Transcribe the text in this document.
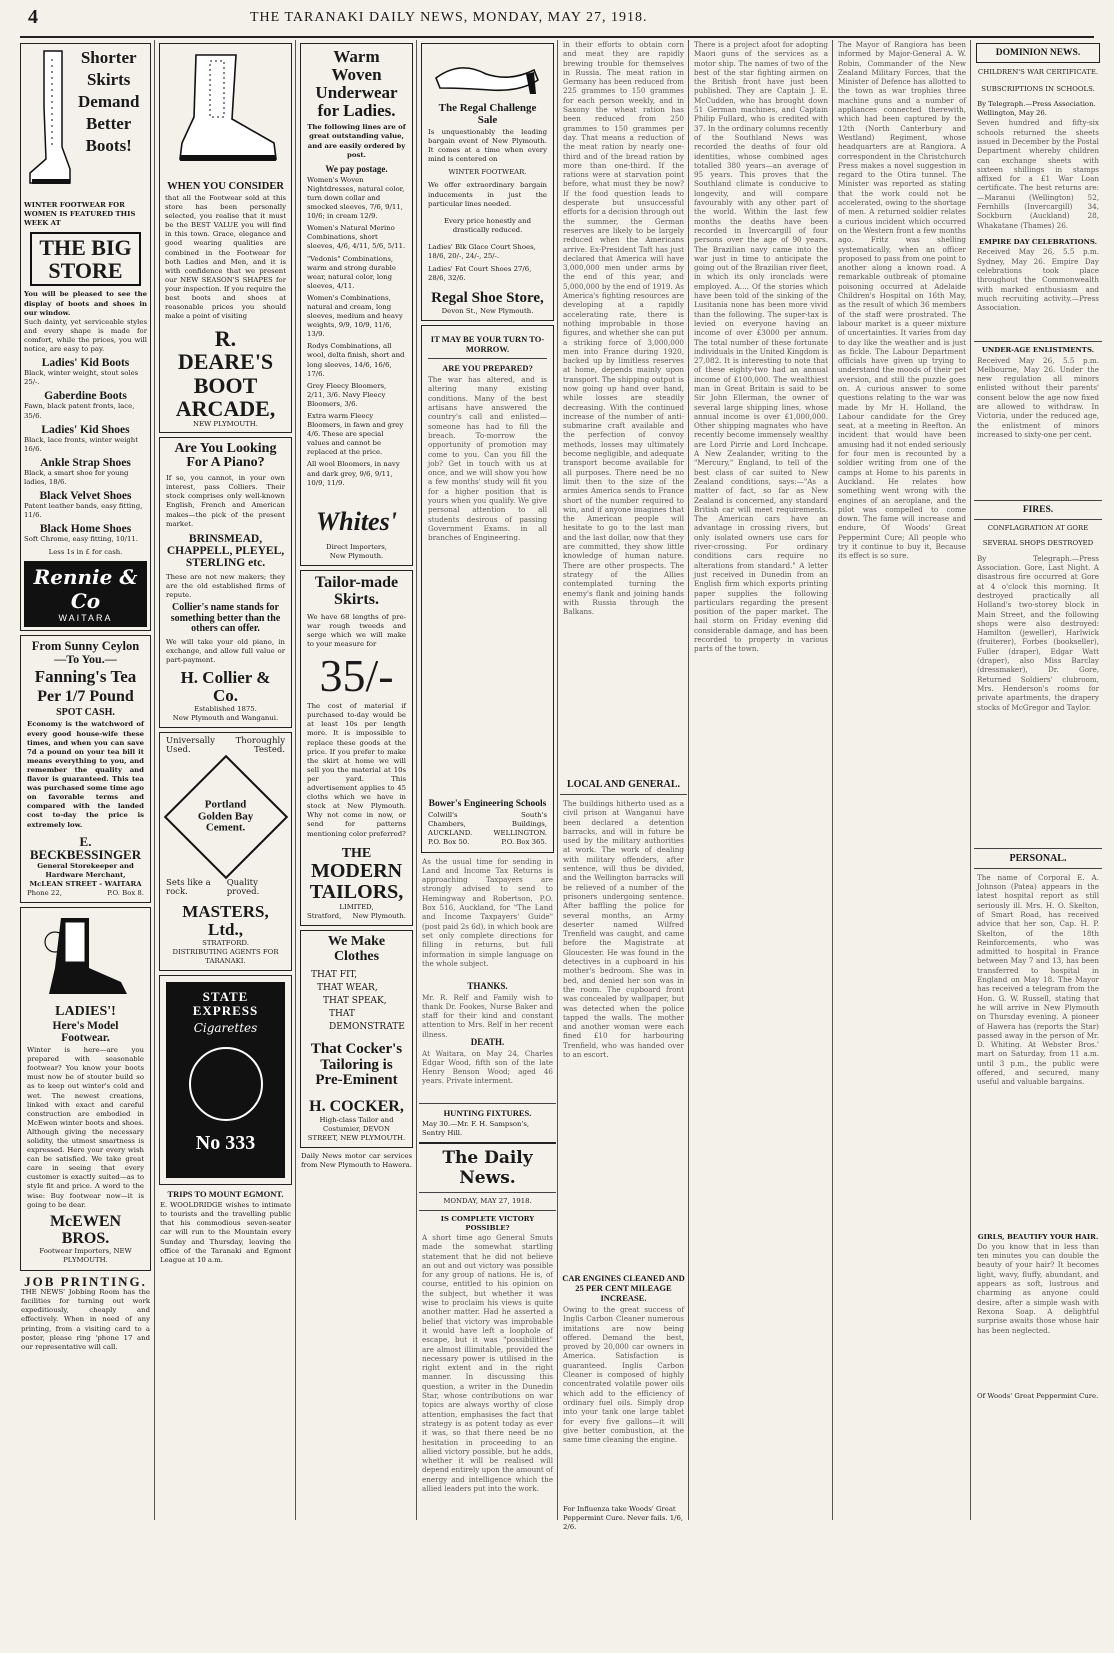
4	THE TARANAKI DAILY NEWS, MONDAY, MAY 27, 1918.
Shorter
Skirts
Demand
Better
Boots!
WINTER FOOTWEAR FOR WOMEN IS FEATURED THIS WEEK AT
THE BIG STORE
You will be pleased to see the display of boots and shoes in our window.
Such dainty, yet serviceable styles and every shape is made for comfort, while the prices, you will notice, are easy to pay.
Ladies' Kid Boots
Black, winter weight, stout soles 25/-.
Gaberdine Boots
Fawn, black patent fronts, lace, 35/6.
Ladies' Kid Shoes
Black, lace fronts, winter weight 16/6.
Ankle Strap Shoes
Black, a smart shoe for young ladies, 18/6.
Black Velvet Shoes
Patent leather bands, easy fitting, 11/6.
Black Home Shoes
Soft Chrome, easy fitting, 10/11.
Less 1s in £ for cash.
Rennie & Co
WAITARA
From Sunny Ceylon
—To You.—
Fanning's Tea
Per 1/7 Pound
SPOT CASH.
Economy is the watchword of every good house-wife these times, and when you can save 7d a pound on your tea bill it means everything to you, and remember the quality and flavor is guaranteed. This tea was purchased some time ago on favorable terms and compared with the landed cost to-day the price is extremely low.
E. BECKBESSINGER
General Storekeeper and Hardware Merchant,
McLEAN STREET - WAITARA
Phone 22,	P.O. Box 8.
LADIES'!
Here's Model Footwear.
Winter is here—are you prepared with seasonable footwear? You know your boots must now be of stouter build so as to keep out winter's cold and wet. The newest creations, linked with exact and careful construction are embodied in McEwen winter boots and shoes. Although giving the necessary solidity, the utmost smartness is expressed. Here your every wish can be satisfied. We take great care in seeing that every customer is exactly suited—as to style fit and price. A word to the wise: Buy footwear now—it is going to be dear.
McEWEN BROS.
Footwear Importers, NEW PLYMOUTH.
JOB PRINTING.
THE NEWS' Jobbing Room has the facilities for turning out work expeditiously, cheaply and effectively. When in need of any printing, from a visiting card to a poster, please ring 'phone 17 and our representative will call.
WHEN YOU CONSIDER
that all the Footwear sold at this store has been personally selected, you realise that it must be the BEST VALUE you will find in this town. Grace, elegance and good wearing qualities are combined in the Footwear for both Ladies and Men, and it is with confidence that we present our NEW SEASON'S SHAPES for your inspection. If you require the best boots and shoes at reasonable prices you should make a point of visiting
R. DEARE'S
BOOT
ARCADE,
NEW PLYMOUTH.
Are You Looking
For A Piano?
If so, you cannot, in your own interest, pass Colliers. Their stock comprises only well-known English, French and American makes—the pick of the present market.
BRINSMEAD, CHAPPELL, PLEYEL, STERLING etc.
These are not new makers; they are the old established firms of repute.
Collier's name stands for something better than the others can offer.
We will take your old piano, in exchange, and allow full value or part-payment.
H. Collier & Co.
Established 1875.
New Plymouth and Wanganui.
Universally Thoroughly
Used.	Tested.
Portland
Golden Bay
Cement.
Sets like a rock.
Quality proved.
MASTERS, Ltd.,
STRATFORD.
DISTRIBUTING AGENTS FOR TARANAKI.
STATE EXPRESS
Cigarettes
No 333
TRIPS TO MOUNT EGMONT.
E. WOOLDRIDGE wishes to intimate to tourists and the travelling public that his commodious seven-seater car will run to the Mountain every Sunday and Thursday, leaving the office of the Taranaki and Egmont League at 10 a.m.
Warm Woven
Underwear
for Ladies.
The following lines are of great outstanding value, and are easily ordered by post.
We pay postage.
Women's Woven Nightdresses, natural color, turn down collar and smocked sleeves, 7/6, 9/11, 10/6; in cream 12/9.
Women's Natural Merino Combinations, short sleeves, 4/6, 4/11, 5/6, 5/11.
"Vedonis" Combinations, warm and strong durable wear, natural color, long sleeves, 4/11.
Women's Combinations, natural and cream, long sleeves, medium and heavy weights, 9/9, 10/9, 11/6, 13/9.
Rodys Combinations, all wool, delta finish, short and long sleeves, 14/6, 16/6, 17/6.
Grey Fleecy Bloomers, 2/11, 3/6. Navy Fleecy Bloomers, 3/6.
Extra warm Fleecy Bloomers, in fawn and grey 4/6. These are special values and cannot be replaced at the price.
All wool Bloomers, in navy and dark grey, 9/6, 9/11, 10/9, 11/9.
Whites'
Direct Importers,
New Plymouth.
Tailor-made
Skirts.
We have 68 lengths of pre-war rough tweeds and serge which we will make to your measure for
35/-
The cost of material if purchased to-day would be at least 10s per length more. It is impossible to replace these goods at the price. If you prefer to make the skirt at home we will sell you the material at 10s per yard. This advertisement applies to 45 cloths which we have in stock at New Plymouth. Why not come in now, or send for patterns mentioning color preferred?
THE
MODERN
TAILORS,
LIMITED,
Stratford, New Plymouth.
We Make Clothes
THAT FIT,
THAT WEAR,
THAT SPEAK,
THAT DEMONSTRATE
That Cocker's
Tailoring is
Pre-Eminent
H. COCKER,
High-class Tailor and Costumier, DEVON STREET, NEW PLYMOUTH.
Daily News motor car services from New Plymouth to Hawera.
The Regal Challenge Sale
Is unquestionably the leading bargain event of New Plymouth. It comes at a time when every mind is centered on
WINTER FOOTWEAR.
We offer extraordinary bargain inducements in just the particular lines needed.
Every price honestly and drastically reduced.
Ladies' Blk Glace Court Shoes, 18/6, 20/-, 24/-, 25/-.
Ladies' Fat Court Shoes 27/6, 28/6, 32/6.
Regal Shoe Store,
Devon St., New Plymouth.
IT MAY BE YOUR TURN TO-MORROW.
ARE YOU PREPARED?
The war has altered, and is altering many existing conditions. Many of the best artisans have answered the country's call and enlisted—someone has had to fill the breach. To-morrow the opportunity of promotion may come to you. Can you fill the job? Get in touch with us at once, and we will show you how a few months' study will fit you for a higher position that is yours when you qualify. We give personal attention to all students desirous of passing Government Exams. in all branches of Engineering.
Bower's Engineering Schools
Colwill's Chambers, AUCKLAND. P.O. Box 50.
South's Buildings, WELLINGTON. P.O. Box 365.
As the usual time for sending in Land and Income Tax Returns is approaching Taxpayers are strongly advised to send to Hemingway and Robertson, P.O. Box 516, Auckland, for "The Land and Income Taxpayers' Guide" (post paid 2s 6d), in which book are set only complete directions for filling in returns, but full information in simple language on the whole subject.
THANKS.
Mr. R. Relf and Family wish to thank Dr. Fookes, Nurse Baker and staff for their kind and constant attention to Mrs. Relf in her recent illness.
DEATH.
At Waitara, on May 24, Charles Edgar Wood, fifth son of the late Henry Benson Wood; aged 46 years. Private interment.
HUNTING FIXTURES.
May 30.—Mr. F. H. Sampson's, Sentry Hill.
The Daily News.
MONDAY, MAY 27, 1918.
IS COMPLETE VICTORY POSSIBLE?
A short time ago General Smuts made the somewhat startling statement that he did not believe an out and out victory was possible for any group of nations. He is, of course, entitled to his opinion on the subject, but whether it was wise to proclaim his views is quite another matter. Had he asserted a belief that victory was improbable it would have left a loophole of escape, but it was "possibilities" are almost illimitable, provided the necessary power is utilised in the right extent and in the right manner. In discussing this question, a writer in the Dunedin Star, whose contributions on war topics are always worthy of close attention, emphasises the fact that strategy is as potent today as ever it was, so that there need be no hesitation in proceeding to an allied victory possible, but he adds, whether it will be realised will depend entirely upon the amount of energy and intelligence which the allied leaders put into the work.
in their efforts to obtain corn and meat they are rapidly brewing trouble for themselves in Russia. The meat ration in Germany has been reduced from 225 grammes to 150 grammes for each person weekly, and in Saxony the wheat ration has been reduced from 250 grammes to 150 grammes per day. That means a reduction of the meat ration by nearly one-third and of the bread ration by more than one-third. If the rations were at starvation point before, what must they be now? If the food question leads to desperate but unsuccessful efforts for a decision through out the summer, the German reserves are likely to be largely reduced when the Americans arrive. Ex-President Taft has just declared that America will have 3,000,000 men under arms by the end of this year, and 5,000,000 by the end of 1919. As America's fighting resources are developing at a rapidly accelerating rate, there is nothing improbable in those figures, and whether she can put a striking force of 3,000,000 men into France during 1920, backed up by limitless reserves at home, depends mainly upon transport. The shipping output is now going up hand over hand, while losses are steadily decreasing. With the continued increase of the number of anti-submarine craft available and the perfection of convoy methods, losses may ultimately become negligible, and adequate transport become available for all purposes. There need be no limit then to the size of the armies America sends to France short of the number required to win, and if anyone imagines that the American people will hesitate to go to the last man and the last dollar, now that they are committed, they show little knowledge of human nature. There are other prospects. The strategy of the Allies contemplated turning the enemy's flank and joining hands with Russia through the Balkans.
LOCAL AND GENERAL.
The buildings hitherto used as a civil prison at Wanganui have been declared a detention barracks, and will in future be used by the military authorities at work. The work of dealing with military offenders, after sentence, will thus be divided, and the Wellington barracks will be relieved of a number of the prisoners undergoing sentence. After baffling the police for several months, an Army deserter named Wilfred Trenfield was caught, and came before the Magistrate at Gloucester. He was found in the detectives in a cupboard in his mother's bedroom. She was in bed, and denied her son was in the room. The cupboard front was concealed by wallpaper, but was detected when the police tapped the walls. The mother and another woman were each fined £10 for harbouring Trenfield, who was handed over to an escort.
CAR ENGINES CLEANED AND 25 PER CENT MILEAGE INCREASE.
Owing to the great success of Inglis Carbon Cleaner numerous imitations are now being offered. Demand the best, proved by 20,000 car owners in America. Satisfaction is guaranteed. Inglis Carbon Cleaner is composed of highly concentrated volatile power oils which add to the efficiency of ordinary fuel oils. Simply drop into your tank one large tablet for every five gallons—it will give better combustion, at the same time cleaning the engine.
For Influenza take Woods' Great Peppermint Cure. Never fails. 1/6, 2/6.
There is a project afoot for adopting Maori guns of the services as a motor ship. The names of two of the best of the star fighting airmen on the British front have just been published. They are Captain J. E. McCudden, who has brought down 51 German machines, and Captain Philip Fullard, who is credited with 37. In the ordinary columns recently of the Southland News was recorded the deaths of four old identities, whose combined ages totalled 380 years—an average of 95 years. This proves that the Southland climate is conducive to longevity, and will compare favourably with any other part of the world. Within the last few months the deaths have been recorded in Invercargill of four persons over the age of 90 years. The Brazilian navy came into the war just in time to anticipate the going out of the Brazilian river fleet, in which its only ironclads were employed. A.... Of the stories which have been told of the sinking of the Lusitania none has been more vivid than the following. The super-tax is levied on everyone having an income of over £3000 per annum. The total number of these fortunate individuals in the United Kingdom is 27,082. It is interesting to note that of these eighty-two had an annual income of £100,000. The wealthiest man in Great Britain is said to be Sir John Ellerman, the owner of several large shipping lines, whose annual income is over £1,000,000. Other shipping magnates who have recently become immensely wealthy are Lord Pirrie and Lord Inchcape. A New Zealander, writing to the "Mercury," England, to tell of the best class of car suited to New Zealand conditions, says:—"As a matter of fact, so far as New Zealand is concerned, any standard British car will meet requirements. The American cars have an advantage in crossing rivers, but only isolated owners use cars for river-crossing. For ordinary conditions cars require no alterations from standard." A letter just received in Dunedin from an English firm which exports printing paper supplies the following particulars regarding the present position of the paper market. The hail storm on Friday evening did considerable damage, and has been recorded to property in various parts of the town.
The Mayor of Rangiora has been informed by Major-General A. W. Robin, Commander of the New Zealand Military Forces, that the Minister of Defence has allotted to the town as war trophies three machine guns and a number of appliances connected therewith, which had been captured by the 12th (North Canterbury and Westland) Regiment, whose headquarters are at Rangiora. A correspondent in the Christchurch Press makes a novel suggestion in regard to the Otira tunnel. The Minister was reported as stating that the work could not be accelerated, owing to the shortage of men. A returned soldier relates a curious incident which occurred on the Western front a few months ago. Fritz was shelling systematically, when an officer proposed to pass from one point to another along a known road. A remarkable outbreak of ptomaine poisoning occurred at Adelaide Children's Hospital on 16th May, as the result of which 36 members of the staff were prostrated. The labour market is a queer mixture of uncertainties. It varies from day to day like the weather and is just as fickle. The Labour Department officials have given up trying to understand the moods of their pet aversion, and still the puzzle goes on. A curious answer to some questions relating to the war was made by Mr H. Holland, the Labour candidate for the Grey seat, at a meeting in Reefton. An incident that would have been amusing had it not ended seriously for four men is recounted by a soldier writing from one of the camps at Home to his parents in Auckland. He relates how something went wrong with the engines of an aeroplane, and the pilot was compelled to come down. The fame will increase and endure, Of Woods' Great Peppermint Cure; All people who try it continue to buy it, Because its effect is so sure.
DOMINION NEWS.
CHILDREN'S WAR CERTIFICATE.
SUBSCRIPTIONS IN SCHOOLS.
By Telegraph.—Press Association. Wellington, May 26.
Seven hundred and fifty-six schools returned the sheets issued in December by the Postal Department whereby children can exchange sheets with sixteen shillings in stamps affixed for a £1 War Loan certificate. The best returns are:—Maranui (Wellington) 52, Fernhills (Invercargill) 34, Sockburn (Auckland) 28, Whakatane (Thames) 26.
EMPIRE DAY CELEBRATIONS.
Received May 26, 5.5 p.m. Sydney, May 26. Empire Day celebrations took place throughout the Commonwealth with marked enthusiasm and much recruiting activity.—Press Association.
UNDER-AGE ENLISTMENTS.
Received May 26, 5.5 p.m. Melbourne, May 26. Under the new regulation all minors enlisted without their parents' consent below the age now fixed are allowed to withdraw. In Victoria, under the reduced age, the enlistment of minors increased to sixty-one per cent.
FIRES.
CONFLAGRATION AT GORE
SEVERAL SHOPS DESTROYED
By Telegraph.—Press Association. Gore, Last Night. A disastrous fire occurred at Gore at 4 o'clock this morning. It destroyed practically all Holland's two-storey block in Main Street, and the following shops were also destroyed: Hamilton (jeweller), Harlwick (fruiterer), Forbes (bookseller), Fuller (draper), Edgar Watt (draper), also Miss Barclay (dressmaker), Dr. Gore, Returned Soldiers' clubroom, Mrs. Henderson's rooms for private apartments, the drapery stocks of McGregor and Taylor.
PERSONAL.
The name of Corporal E. A. Johnson (Patea) appears in the latest hospital report as still seriously ill. Mrs. H. O. Skelton, of Smart Road, has received advice that her son, Cap. H. P. Skelton, of the 18th Reinforcements, who was admitted to hospital in France between May 7 and 13, has been transferred to hospital in England on May 18. The Mayor has received a telegram from the Hon. G. W. Russell, stating that he will arrive in New Plymouth on Thursday evening. A pioneer of Hawera has (reports the Star) passed away in the person of Mr. D. Whiting. At Webster Bros.' mart on Saturday, from 11 a.m. until 3 p.m., the public were offered, and secured, many useful and valuable bargains.
GIRLS, BEAUTIFY YOUR HAIR.
Do you know that in less than ten minutes you can double the beauty of your hair? It becomes light, wavy, fluffy, abundant, and appears as soft, lustrous and charming as anyone could desire, after a simple wash with Rexona Soap. A delightful surprise awaits those whose hair has been neglected.
Of Woods' Great Peppermint Cure.
